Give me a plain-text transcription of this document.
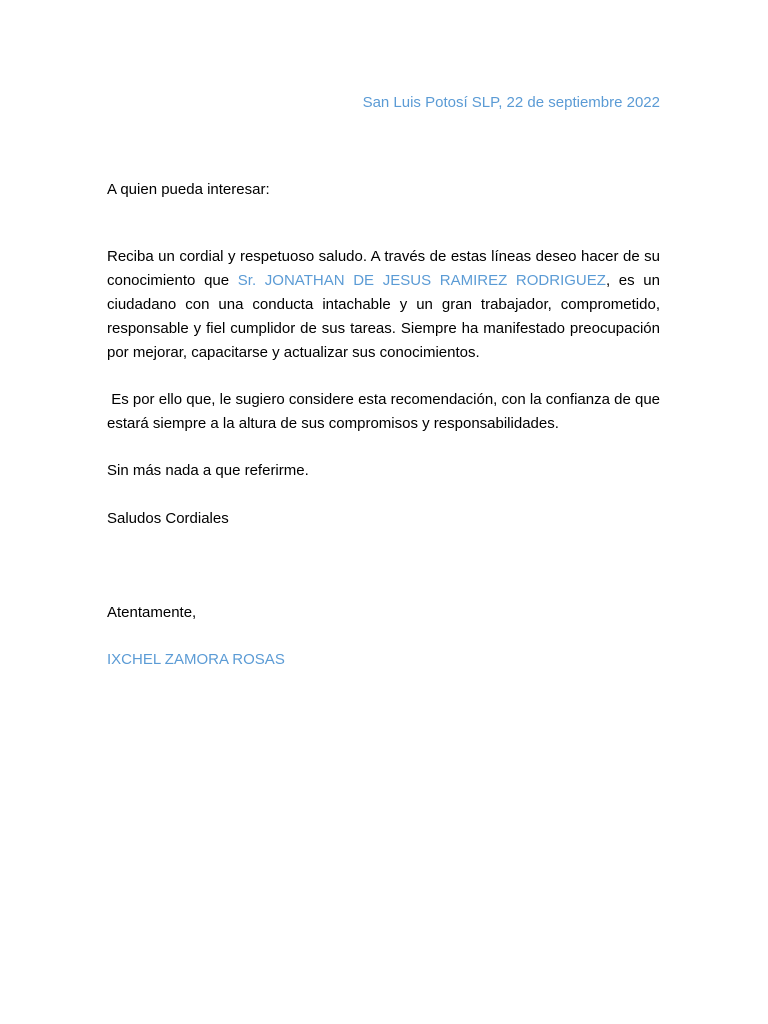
San Luis Potosí SLP, 22 de septiembre 2022
A quien pueda interesar:
Reciba un cordial y respetuoso saludo. A través de estas líneas deseo hacer de su conocimiento que Sr. JONATHAN DE JESUS RAMIREZ RODRIGUEZ, es un ciudadano con una conducta intachable y un gran trabajador, comprometido, responsable y fiel cumplidor de sus tareas. Siempre ha manifestado preocupación por mejorar, capacitarse y actualizar sus conocimientos.
Es por ello que, le sugiero considere esta recomendación, con la confianza de que estará siempre a la altura de sus compromisos y responsabilidades.
Sin más nada a que referirme.
Saludos Cordiales
Atentamente,
IXCHEL ZAMORA ROSAS
